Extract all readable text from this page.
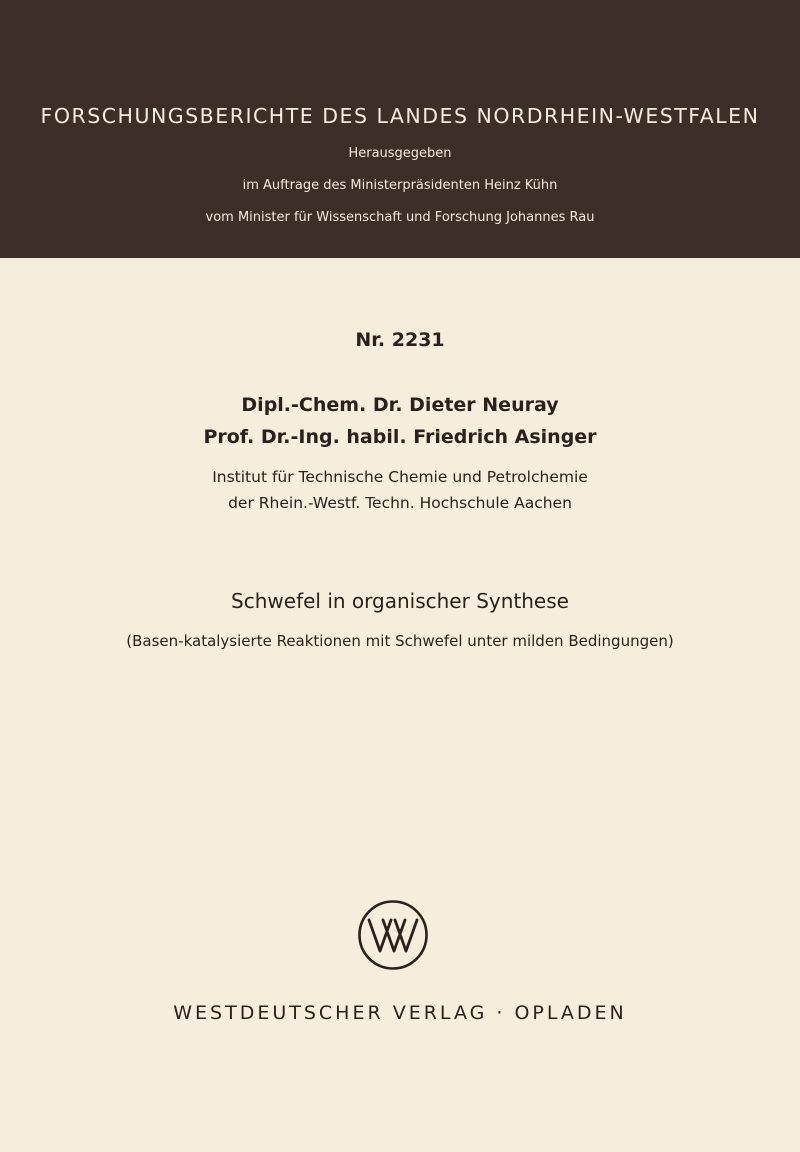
FORSCHUNGSBERICHTE DES LANDES NORDRHEIN-WESTFALEN
Herausgegeben
im Auftrage des Ministerpräsidenten Heinz Kühn
vom Minister für Wissenschaft und Forschung Johannes Rau
Nr. 2231
Dipl.-Chem. Dr. Dieter Neuray
Prof. Dr.-Ing. habil. Friedrich Asinger
Institut für Technische Chemie und Petrolchemie
der Rhein.-Westf. Techn. Hochschule Aachen
Schwefel in organischer Synthese
(Basen-katalysierte Reaktionen mit Schwefel unter milden Bedingungen)
WESTDEUTSCHER VERLAG · OPLADEN
